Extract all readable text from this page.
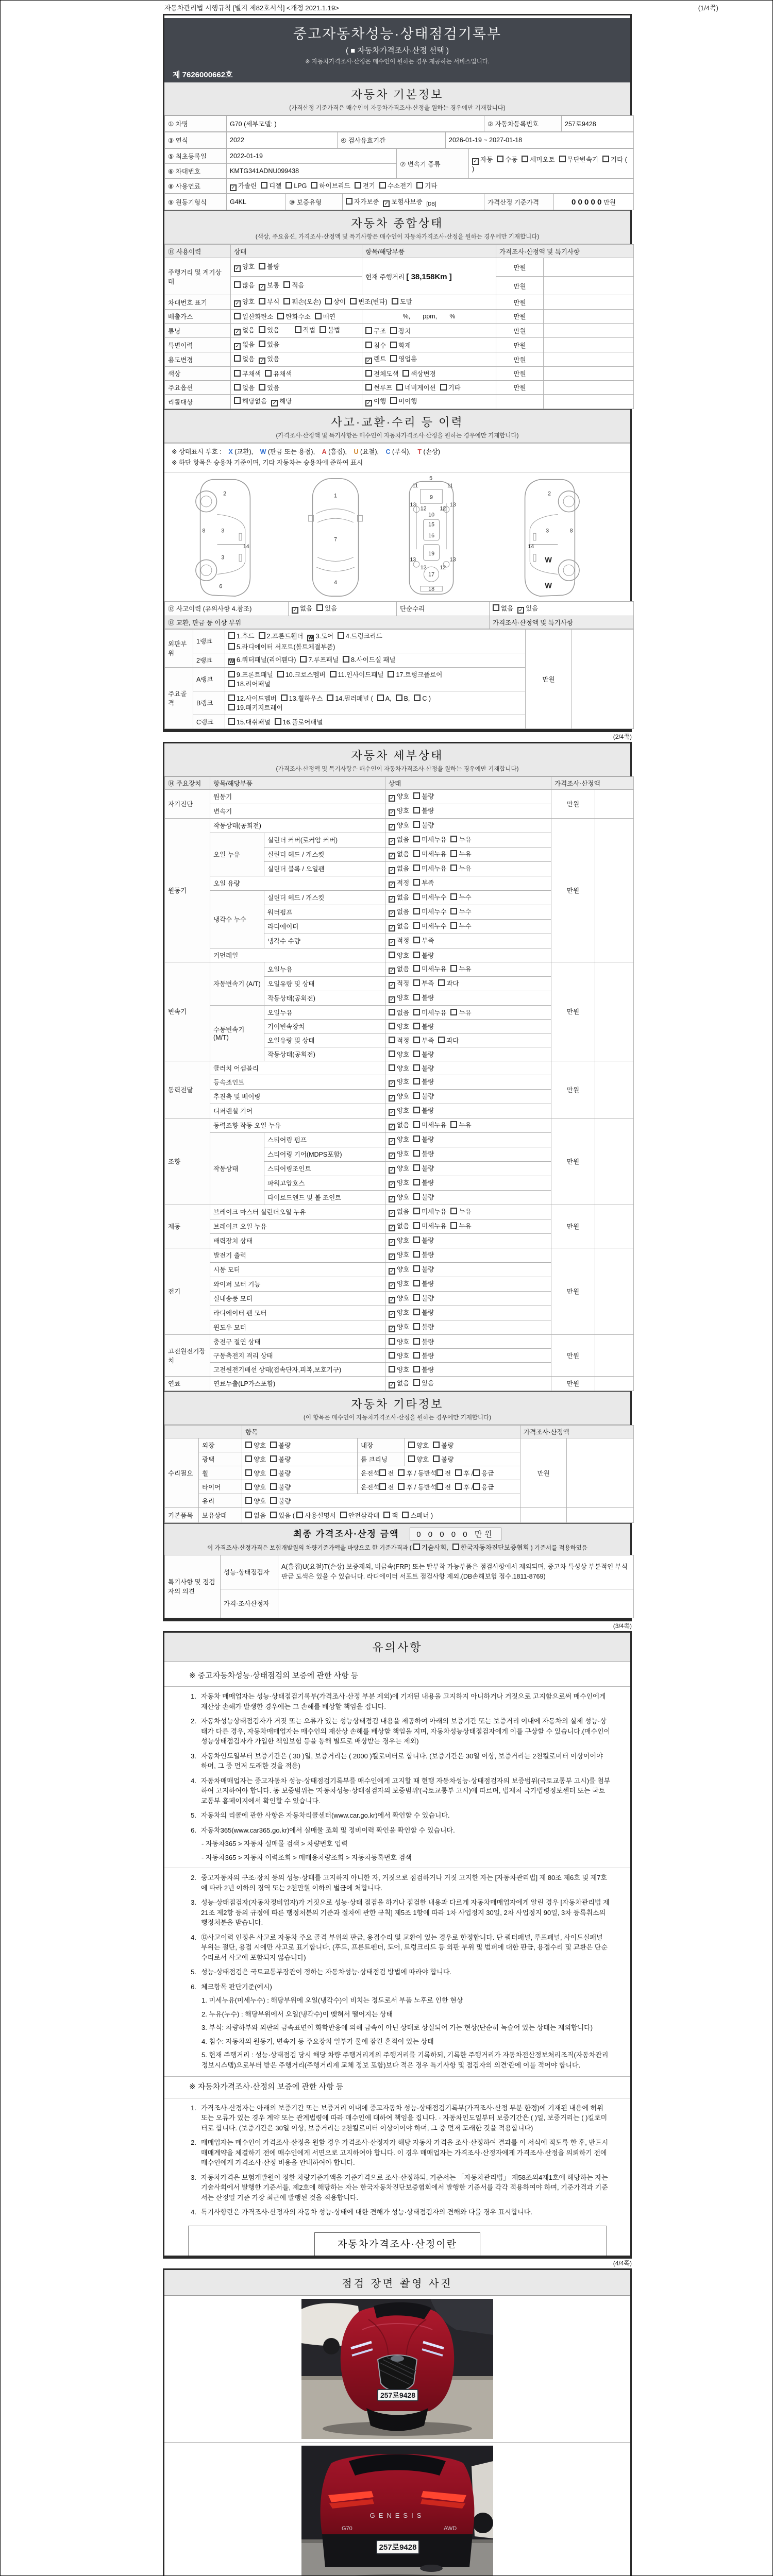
자동차관리법 시행규칙 [별지 제82호서식] <개정 2021.1.19>	(1/4쪽)
중고자동차성능·상태점검기록부
( ■ 자동차가격조사·산정 선택 )
※ 자동차가격조사·산정은 매수인이 원하는 경우 제공하는 서비스입니다.
제 7626000662호
자동차 기본정보
(가격산정 기준가격은 매수인이 자동차가격조사·산정을 원하는 경우에만 기재합니다)
① 차명	G70 (세부모델: )	② 자동차등록번호	257로9428
③ 연식	2022	④ 검사유효기간	2026-01-19 ~ 2027-01-18
⑤ 최초등록일	2022-01-19	⑦ 변속기 종류	✓ 자동 수동 세미오토 무단변속기 기타 ( )
⑥ 차대번호	KMTG341ADNU099438		
⑧ 사용연료	✓ 가솔린 디젤 LPG 하이브리드 전기 수소전기 기타		
⑨ 원동기형식	G4KL	⑩ 보증유형	자가보증 ✓ 보험사보증 $_{[DB]}$	가격산정 기준가격	0 0 0 0 0 만원
자동차 종합상태
(색상, 주요옵션, 가격조사·산정액 및 특기사항은 매수인이 자동차가격조사·산정을 원하는 경우에만 기재합니다)
⑪ 사용이력	상태	항목/해당부품	가격조사·산정액 및 특기사항	
주행거리 및 계기상태	✓ 양호 불량	현재 주행거리 [ 38,158Km ]	만원	
	많음 ✓ 보통 적음		만원	
차대번호 표기	✓ 양호 부식 훼손(오손) 상이 변조(변타) 도말		만원	
배출가스	일산화탄소 탄화수소 매연	%,       ppm,       %	만원	
튜닝	✓ 없음 있음 적법 불법	구조 장치	만원	
특별이력	✓ 없음 있음	침수 화재	만원	
용도변경	없음 ✓ 있음	✓ 렌트 영업용	만원	
색상	무채색 유채색	전체도색 색상변경	만원	
주요옵션	없음 있음	썬루프 네비게이션 기타	만원	
리콜대상	해당없음 ✓ 해당	✓ 이행 미이행		
사고·교환·수리 등 이력
(가격조사·산정액 및 특기사항은 매수인이 자동차가격조사·산정을 원하는 경우에만 기재합니다)
※ 상태표시 부호 : X (교환), W (판금 또는 용접), A (흠집), U (요철), C (부식), T (손상)
※ 하단 항목은 승용차 기준이며, 기타 자동차는 승용차에 준하여 표시
2
8	3
3
14
6
1
7
4
5
11	11
9
13
12 12
13
10
15
16
19
13
12 12
13
17
18
2
3	8
14
W
W
⑫ 사고이력 (유의사항 4.참조)	✓ 없음 있음	단순수리	없음 ✓ 있음
⑬ 교환, 판금 등 이상 부위			가격조사·산정액 및 특기사항
외판부위	1랭크	1.후드 2.프론트휀더 W 3.도어 4.트렁크리드
5.라디에이터 서포트(볼트체결부품)	만원	
	2랭크	W 6.쿼터패널(리어휀다) 7.루프패널 8.사이드실 패널		
주요골격	A랭크	9.프론트패널 10.크로스멤버 11.인사이드패널 17.트렁크플로어
18.리어패널		

	B랭크	12.사이드멤버 13.휠하우스 14.필러패널 ( A, B, C )
19.패키지트레이		

	C랭크	15.대쉬패널 16.플로어패널		
(2/4쪽)
자동차 세부상태
(가격조사·산정액 및 특기사항은 매수인이 자동차가격조사·산정을 원하는 경우에만 기재합니다)
⑭ 주요장치	항목/해당부품		상태	가격조사·산정액	
자기진단	원동기		✓ 양호 불량	만원	
	변속기		✓ 양호 불량		
원동기	작동상태(공회전)		✓ 양호 불량	만원	
	오일 누유	실린더 커버(로커암 커버)	✓ 없음 미세누유 누유		
		실린더 헤드 / 개스킷	✓ 없음 미세누유 누유		
		실린더 블록 / 오일팬	✓ 없음 미세누유 누유		
	오일 유량		✓ 적정 부족		
	냉각수 누수	실린더 헤드 / 개스킷	✓ 없음 미세누수 누수		
		워터펌프	✓ 없음 미세누수 누수		
		라디에이터	✓ 없음 미세누수 누수		
		냉각수 수량	✓ 적정 부족		
	커먼레일		양호 불량		
변속기	자동변속기 (A/T)	오일누유	✓ 없음 미세누유 누유	만원	
		오일유량 및 상태	✓ 적정 부족 과다		
		작동상태(공회전)	✓ 양호 불량		
	수동변속기 (M/T)	오일누유	없음 미세누유 누유		
		기어변속장치	양호 불량		
		오일유량 및 상태	적정 부족 과다		
		작동상태(공회전)	양호 불량		
동력전달	클러치 어셈블리		양호 불량	만원	
	등속죠인트		✓ 양호 불량		
	추진축 및 베어링		✓ 양호 불량		
	디퍼렌셜 기어		✓ 양호 불량		
조향	동력조향 작동 오일 누유		✓ 없음 미세누유 누유	만원	
	작동상태	스티어링 펌프	✓ 양호 불량		
		스티어링 기어(MDPS포함)	✓ 양호 불량		
		스티어링조인트	✓ 양호 불량		
		파워고압호스	✓ 양호 불량		
		타이로드엔드 및 볼 조인트	✓ 양호 불량		
제동	브레이크 마스터 실린더오일 누유		✓ 없음 미세누유 누유	만원	
	브레이크 오일 누유		✓ 없음 미세누유 누유		
	배력장치 상태		✓ 양호 불량		
전기	발전기 출력		✓ 양호 불량	만원	
	시동 모터		✓ 양호 불량		
	와이퍼 모터 기능		✓ 양호 불량		
	실내송풍 모터		✓ 양호 불량		
	라디에이터 팬 모터		✓ 양호 불량		
	윈도우 모터		✓ 양호 불량		
고전원전기장치	충전구 절연 상태		양호 불량	만원	
	구동축전지 격리 상태		양호 불량		
	고전원전기배선 상태(접속단자,피복,보호기구)		양호 불량		
연료	연료누출(LP가스포함)		✓ 없음 있음	만원	
자동차 기타정보
(이 항목은 매수인이 자동차가격조사·산정을 원하는 경우에만 기재합니다)
		항목			가격조사·산정액	
수리필요	외장	양호 불량	내장	양호 불량	만원	
	광택	양호 불량	룸 크리닝	양호 불량		
	휠	양호 불량	운전석 전 후 / 동반석 전 후 / 응급			
	타이어	양호 불량	운전석 전 후 / 동반석 전 후 / 응급			
	유리	양호 불량				
기본품목	보유상태	없음 있음 ( 사용설명서 안전삼각대 잭 스패너 )				
최종 가격조사·산정 금액 0 0 0 0 0 만원
이 가격조사·산정가격은 보험개발원의 차량기준가액을 바탕으로 한 기준가격과 ( 기술사회, 한국자동차진단보증협회 ) 기준서를 적용하였음
특기사항 및 점검자의 의견	성능·상태점검자	A(흠집)U(요철)T(손상) 보증제외, 비금속(FRP) 또는 탈부착 가능부품은 점검사항에서 제외되며, 중고차 특성상 부분적인 부식 판금 도색은 있을 수 있습니다. 라디에이터 서포트 점검사항 제외.(DB손해보험 접수.1811-8769)
	가격·조사산정자	
(3/4쪽)
유의사항
※ 중고자동차성능·상태점검의 보증에 관한 사항 등
1. 자동차 매매업자는 성능·상태점검기록부(가격조사·산정 부분 제외)에 기재된 내용을 고지하지 아니하거나 거짓으로 고지함으로써 매수인에게 재산상 손해가 발생한 경우에는 그 손해를 배상할 책임을 집니다.
2. 자동차성능상태점검자가 거짓 또는 오류가 있는 성능상태점검 내용을 제공하여 아래의 보증기간 또는 보증거리 이내에 자동차의 실제 성능·상태가 다른 경우, 자동차매매업자는 매수인의 재산상 손해를 배상할 책임을 지며, 자동차성능상태점검자에게 이를 구상할 수 있습니다.(매수인이 성능상태점검자가 가입한 책임보험 등을 통해 별도로 배상받는 경우는 제외)
3. 자동차인도일부터 보증기간은 ( 30 )일, 보증거리는 ( 2000 )킬로미터로 합니다. (보증기간은 30일 이상, 보증거리는 2천킬로미터 이상이어야 하며, 그 중 먼저 도래한 것을 적용)
4. 자동차매매업자는 중고자동차 성능·상태점검기록부를 매수인에게 고지할 때 현행 자동차성능·상태점검자의 보증범위(국토교통부 고시)를 첨부하여 고지하여야 합니다. 동 보증범위는 '자동차성능·상태점검자의 보증범위'(국토교통부 고시)에 따르며, 법제처 국가법령정보센터 또는 국토교통부 홈페이지에서 확인할 수 있습니다.
5. 자동차의 리콜에 관한 사항은 자동차리콜센터(www.car.go.kr)에서 확인할 수 있습니다.
6. 자동차365(www.car365.go.kr)에서 실매물 조회 및 정비이력 확인을 확인할 수 있습니다.
- 자동차365 > 자동차 실매물 검색 > 차량번호 입력
- 자동차365 > 자동차 이력조회 > 매매용차량조회 > 자동차등록번호 검색
2. 중고자동차의 구조·장치 등의 성능·상태를 고지하지 아니한 자, 거짓으로 점검하거나 거짓 고지한 자는 [자동차관리법] 제 80조 제6호 및 제7호에 따라 2년 이하의 징역 또는 2천만원 이하의 벌금에 처합니다.
3. 성능·상태점검자(자동차정비업자)가 거짓으로 성능·상태 점검을 하거나 점검한 내용과 다르게 자동차매매업자에게 알린 경우 [자동차관리법 제21조 제2항 등의 규정에 따른 행정처분의 기준과 절차에 관한 규칙] 제5조 1항에 따라 1차 사업정지 30일, 2차 사업정지 90일, 3차 등록취소의 행정처분을 받습니다.
4. ⑫사고이력 인정은 사고로 자동차 주요 골격 부위의 판금, 용접수리 및 교환이 있는 경우로 한정합니다. 단 쿼터패널, 루프패널, 사이드실패널 부위는 절단, 용접 시에만 사고로 표기합니다. (후드, 프론트펜더, 도어, 트렁크리드 등 외판 부위 및 범퍼에 대한 판금, 용접수리 및 교환은 단순수리로서 사고에 포함되지 않습니다)
5. 성능·상태점검은 국토교통부장관이 정하는 자동차성능·상태점검 방법에 따라야 합니다.
6. 체크항목 판단기준(예시)
1. 미세누유(미세누수) : 해당부위에 오일(냉각수)이 비치는 정도로서 부품 노후로 인한 현상
2. 누유(누수) : 해당부위에서 오일(냉각수)이 맺혀서 떨어지는 상태
3. 부식: 차량하부와 외판의 금속표면이 화학반응에 의해 금속이 아닌 상태로 상실되어 가는 현상(단순히 녹슬어 있는 상태는 제외합니다)
4. 침수: 자동차의 원동기, 변속기 등 주요장치 일부가 물에 잠긴 흔적이 있는 상태
5. 현재 주행거리 : 성능·상태점검 당시 해당 차량 주행거리계의 주행거리를 기록하되, 기록한 주행거리가 자동차전산정보처리조직(자동차관리정보시스템)으로부터 받은 주행거리(주행거리계 교체 정보 포함)보다 적은 경우 특기사항 및 점검자의 의견'란에 이를 적어야 합니다.
※ 자동차가격조사·산정의 보증에 관한 사항 등
1. 가격조사·산정자는 아래의 보증기간 또는 보증거리 이내에 중고자동차 성능·상태점검기록부(가격조사·산정 부분 한정)에 기재된 내용에 허위 또는 오류가 있는 경우 계약 또는 관계법령에 따라 매수인에 대하여 책임을 집니다. · 자동차인도일부터 보증기간은 ( )일, 보증거리는 ( )킬로미터로 합니다. (보증기간은 30일 이상, 보증거리는 2천킬로미터 이상이어야 하며, 그 중 먼저 도래한 것을 적용합니다)
2. 매매업자는 매수인이 가격조사·산정을 원할 경우 가격조사·산정자가 해당 자동차 가격을 조사·산정하여 결과를 이 서식에 적도록 한 후, 반드시 매매계약을 체결하기 전에 매수인에게 서면으로 고지하여야 합니다. 이 경우 매매업자는 가격조사·산정자에게 가격조사·산정을 의뢰하기 전에 매수인에게 가격조사·산정 비용을 안내하여야 합니다.
3. 자동차가격은 보험개발원이 정한 차량기준가액을 기준가격으로 조사·산정하되, 기준서는 「자동차관리법」 제58조의4제1호에 해당하는 자는 기술사회에서 발행한 기준서를, 제2호에 해당하는 자는 한국자동차진단보증협회에서 발행한 기준서를 각각 적용하여야 하며, 기준가격과 기준서는 산정일 기준 가장 최근에 발행된 것을 적용합니다.
4. 특기사항란은 가격조사·산정자의 자동차 성능·상태에 대한 견해가 성능·상태점검자의 견해와 다를 경우 표시합니다.
자동차가격조사·산정이란
(4/4쪽)
점검 장면 촬영 사진
257로9428
GENESIS
G70	AWD
257로9428
